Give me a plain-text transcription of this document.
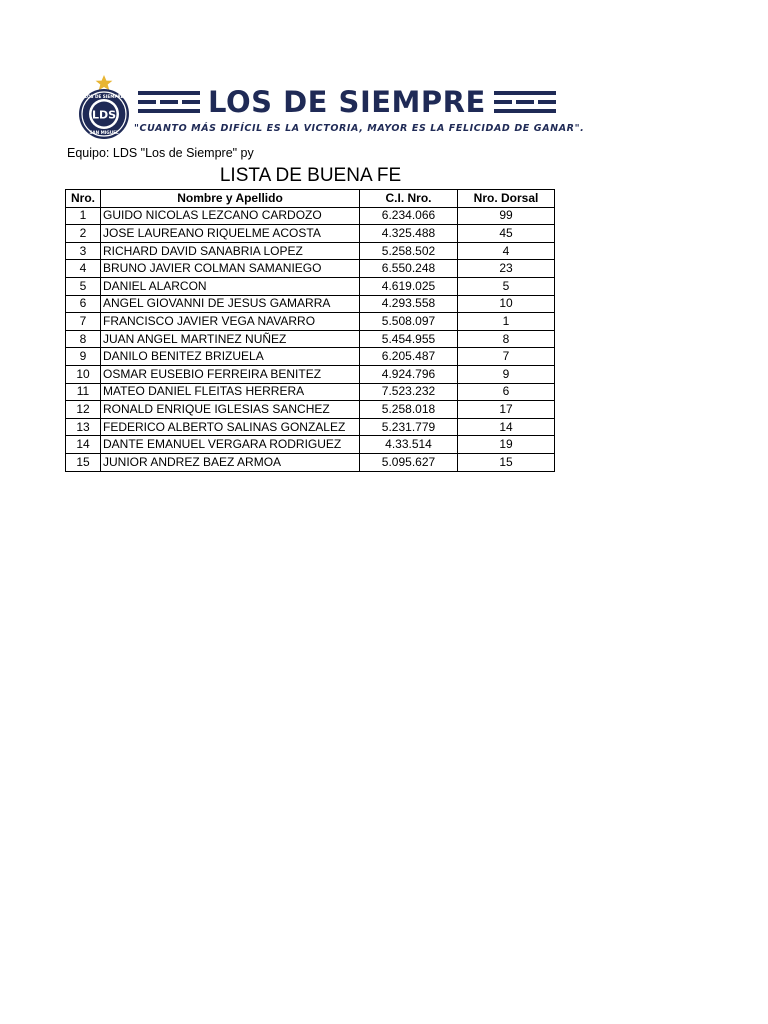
LDS
LOS DE SIEMPRE
SAN MIGUEL
LOS DE SIEMPRE
"CUANTO MÁS DIFÍCIL ES LA VICTORIA, MAYOR ES LA FELICIDAD DE GANAR".
Equipo: LDS "Los de Siempre" py
LISTA DE BUENA FE
Nro.	Nombre y Apellido	C.I. Nro.	Nro. Dorsal
1	GUIDO NICOLAS LEZCANO CARDOZO	6.234.066	99
2	JOSE LAUREANO RIQUELME ACOSTA	4.325.488	45
3	RICHARD DAVID SANABRIA LOPEZ	5.258.502	4
4	BRUNO JAVIER COLMAN SAMANIEGO	6.550.248	23
5	DANIEL ALARCON	4.619.025	5
6	ANGEL GIOVANNI DE JESUS GAMARRA	4.293.558	10
7	FRANCISCO JAVIER VEGA NAVARRO	5.508.097	1
8	JUAN ANGEL MARTINEZ NUÑEZ	5.454.955	8
9	DANILO BENITEZ BRIZUELA	6.205.487	7
10	OSMAR EUSEBIO FERREIRA BENITEZ	4.924.796	9
11	MATEO DANIEL FLEITAS HERRERA	7.523.232	6
12	RONALD ENRIQUE IGLESIAS SANCHEZ	5.258.018	17
13	FEDERICO ALBERTO SALINAS GONZALEZ	5.231.779	14
14	DANTE EMANUEL VERGARA RODRIGUEZ	4.33.514	19
15	JUNIOR ANDREZ BAEZ ARMOA	5.095.627	15
